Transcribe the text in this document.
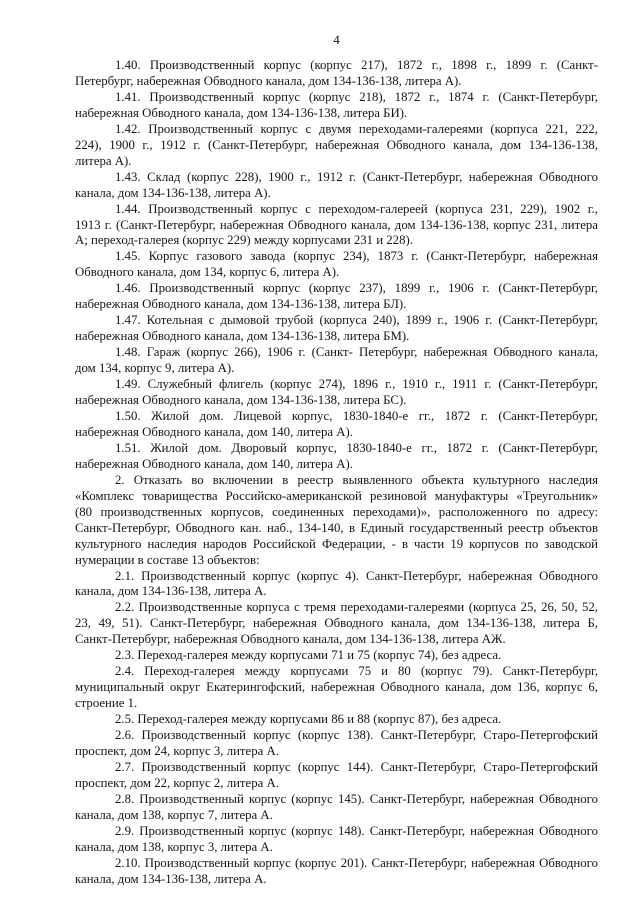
4
1.40. Производственный корпус (корпус 217), 1872 г., 1898 г., 1899 г. (Санкт-
Петербург, набережная Обводного канала, дом 134-136-138, литера А).
1.41. Производственный корпус (корпус 218), 1872 г., 1874 г. (Санкт-Петербург,
набережная Обводного канала, дом 134-136-138, литера БИ).
1.42. Производственный корпус с двумя переходами-галереями (корпуса 221, 222,
224), 1900 г., 1912 г. (Санкт-Петербург, набережная Обводного канала, дом 134-136-138,
литера А).
1.43. Склад (корпус 228), 1900 г., 1912 г. (Санкт-Петербург, набережная Обводного
канала, дом 134-136-138, литера А).
1.44. Производственный корпус с переходом-галереей (корпуса 231, 229), 1902 г.,
1913 г. (Санкт-Петербург, набережная Обводного канала, дом 134-136-138, корпус 231, литера
А; переход-галерея (корпус 229) между корпусами 231 и 228).
1.45. Корпус газового завода (корпус 234), 1873 г. (Санкт-Петербург, набережная
Обводного канала, дом 134, корпус 6, литера А).
1.46. Производственный корпус (корпус 237), 1899 г., 1906 г. (Санкт-Петербург,
набережная Обводного канала, дом 134-136-138, литера БЛ).
1.47. Котельная с дымовой трубой (корпуса 240), 1899 г., 1906 г. (Санкт-Петербург,
набережная Обводного канала, дом 134-136-138, литера БМ).
1.48. Гараж (корпус 266), 1906 г. (Санкт- Петербург, набережная Обводного канала,
дом 134, корпус 9, литера А).
1.49. Служебный флигель (корпус 274), 1896 г., 1910 г., 1911 г. (Санкт-Петербург,
набережная Обводного канала, дом 134-136-138, литера БС).
1.50. Жилой дом. Лицевой корпус, 1830-1840-е гг., 1872 г. (Санкт-Петербург,
набережная Обводного канала, дом 140, литера А).
1.51. Жилой дом. Дворовый корпус, 1830-1840-е гг., 1872 г. (Санкт-Петербург,
набережная Обводного канала, дом 140, литера А).
2. Отказать во включении в реестр выявленного объекта культурного наследия
«Комплекс товарищества Российско-американской резиновой мануфактуры «Треугольник»
(80 производственных корпусов, соединенных переходами)», расположенного по адресу:
Санкт-Петербург, Обводного кан. наб., 134-140, в Единый государственный реестр объектов
культурного наследия народов Российской Федерации, - в части 19 корпусов по заводской
нумерации в составе 13 объектов:
2.1. Производственный корпус (корпус 4). Санкт-Петербург, набережная Обводного
канала, дом 134-136-138, литера А.
2.2. Производственные корпуса с тремя переходами-галереями (корпуса 25, 26, 50, 52,
23, 49, 51). Санкт-Петербург, набережная Обводного канала, дом 134-136-138, литера Б,
Санкт-Петербург, набережная Обводного канала, дом 134-136-138, литера АЖ.
2.3. Переход-галерея между корпусами 71 и 75 (корпус 74), без адреса.
2.4. Переход-галерея между корпусами 75 и 80 (корпус 79). Санкт-Петербург,
муниципальный округ Екатерингофский, набережная Обводного канала, дом 136, корпус 6,
строение 1.
2.5. Переход-галерея между корпусами 86 и 88 (корпус 87), без адреса.
2.6. Производственный корпус (корпус 138). Санкт-Петербург, Старо-Петергофский
проспект, дом 24, корпус 3, литера А.
2.7. Производственный корпус (корпус 144). Санкт-Петербург, Старо-Петергофский
проспект, дом 22, корпус 2, литера А.
2.8. Производственный корпус (корпус 145). Санкт-Петербург, набережная Обводного
канала, дом 138, корпус 7, литера А.
2.9. Производственный корпус (корпус 148). Санкт-Петербург, набережная Обводного
канала, дом 138, корпус 3, литера А.
2.10. Производственный корпус (корпус 201). Санкт-Петербург, набережная Обводного
канала, дом 134-136-138, литера А.
